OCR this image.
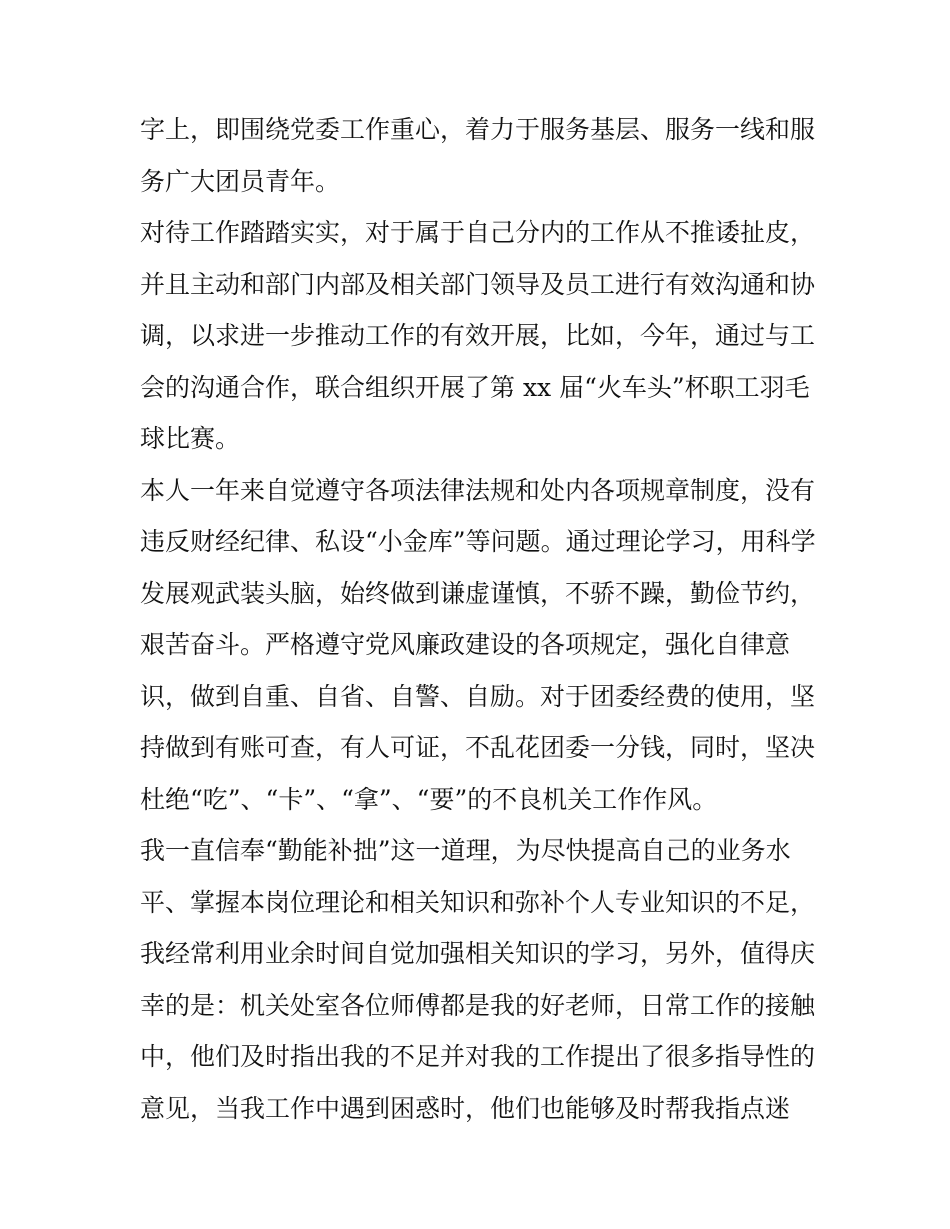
字上，即围绕党委工作重心，着力于服务基层、服务一线和服
务广大团员青年。
对待工作踏踏实实，对于属于自己分内的工作从不推诿扯皮，
并且主动和部门内部及相关部门领导及员工进行有效沟通和协
调，以求进一步推动工作的有效开展，比如，今年，通过与工
会的沟通合作，联合组织开展了第 xx 届“火车头”杯职工羽毛
球比赛。
本人一年来自觉遵守各项法律法规和处内各项规章制度，没有
违反财经纪律、私设“小金库”等问题。通过理论学习，用科学
发展观武装头脑，始终做到谦虚谨慎，不骄不躁，勤俭节约，
艰苦奋斗。严格遵守党风廉政建设的各项规定，强化自律意
识，做到自重、自省、自警、自励。对于团委经费的使用，坚
持做到有账可查，有人可证，不乱花团委一分钱，同时，坚决
杜绝“吃”、“卡”、“拿”、“要”的不良机关工作作风。
我一直信奉“勤能补拙”这一道理，为尽快提高自己的业务水
平、掌握本岗位理论和相关知识和弥补个人专业知识的不足，
我经常利用业余时间自觉加强相关知识的学习，另外，值得庆
幸的是：机关处室各位师傅都是我的好老师，日常工作的接触
中，他们及时指出我的不足并对我的工作提出了很多指导性的
意见，当我工作中遇到困惑时，他们也能够及时帮我指点迷
